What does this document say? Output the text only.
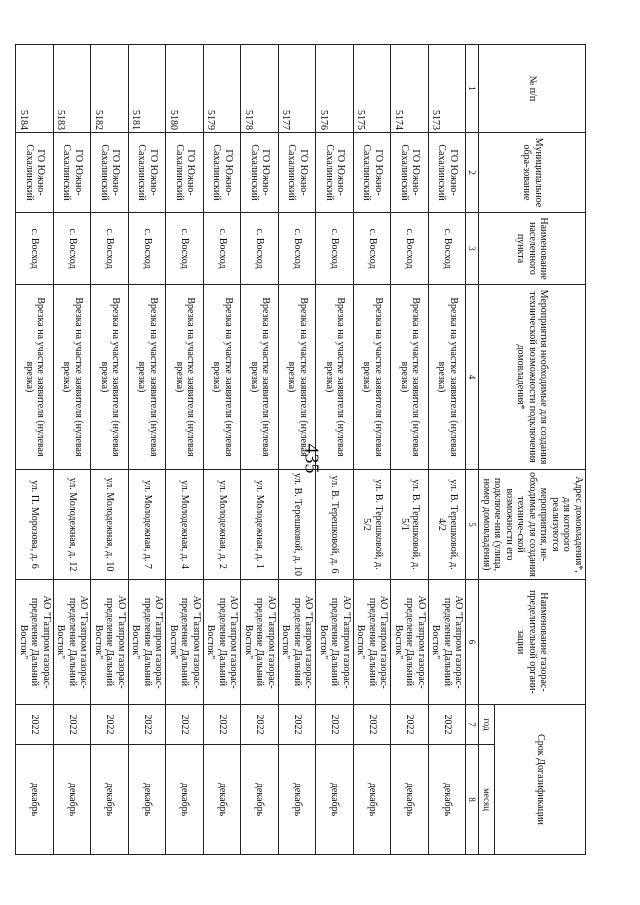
435
№ п/п	Муниципальное обра-зование	Наименование населенного пункта	Мероприятия необходимые для создания технической возможности подключения домовладения*	Адрес домовладения*, для которого реализуются мероприятия, не-обходимые для создания техниче-ской возможности его подключе-ния (улица, номер домовладения)	Наименование газорас-пределительной органи-зации	Срок Догазификации	
						год	месяц
1	2	3	4	5	6	7	8
5173	ГО Южно-Сахалинский	с. Восход	Врезка на участке заявителя (нулевая врезка)	ул. В. Терешковой, д. 4/2	АО "Газпром газорас-пределение Дальний Восток"	2022	декабрь
5174	ГО Южно-Сахалинский	с. Восход	Врезка на участке заявителя (нулевая врезка)	ул. В. Терешковой, д. 5/1	АО "Газпром газорас-пределение Дальний Восток"	2022	декабрь
5175	ГО Южно-Сахалинский	с. Восход	Врезка на участке заявителя (нулевая врезка)	ул. В. Терешковой, д. 5/2	АО "Газпром газорас-пределение Дальний Восток"	2022	декабрь
5176	ГО Южно-Сахалинский	с. Восход	Врезка на участке заявителя (нулевая врезка)	ул. В. Терешковой, д. 6	АО "Газпром газорас-пределение Дальний Восток"	2022	декабрь
5177	ГО Южно-Сахалинский	с. Восход	Врезка на участке заявителя (нулевая врезка)	ул. В. Терешковой, д. 10	АО "Газпром газорас-пределение Дальний Восток"	2022	декабрь
5178	ГО Южно-Сахалинский	с. Восход	Врезка на участке заявителя (нулевая врезка)	ул. Молодежная, д. 1	АО "Газпром газорас-пределение Дальний Восток"	2022	декабрь
5179	ГО Южно-Сахалинский	с. Восход	Врезка на участке заявителя (нулевая врезка)	ул. Молодежная, д. 2	АО "Газпром газорас-пределение Дальний Восток"	2022	декабрь
5180	ГО Южно-Сахалинский	с. Восход	Врезка на участке заявителя (нулевая врезка)	ул. Молодежная, д. 4	АО "Газпром газорас-пределение Дальний Восток"	2022	декабрь
5181	ГО Южно-Сахалинский	с. Восход	Врезка на участке заявителя (нулевая врезка)	ул. Молодежная, д. 7	АО "Газпром газорас-пределение Дальний Восток"	2022	декабрь
5182	ГО Южно-Сахалинский	с. Восход	Врезка на участке заявителя (нулевая врезка)	ул. Молодежная, д. 10	АО "Газпром газорас-пределение Дальний Восток"	2022	декабрь
5183	ГО Южно-Сахалинский	с. Восход	Врезка на участке заявителя (нулевая врезка)	ул. Молодежная, д. 12	АО "Газпром газорас-пределение Дальний Восток"	2022	декабрь
5184	ГО Южно-Сахалинский	с. Восход	Врезка на участке заявителя (нулевая врезка)	ул. П. Морозова, д. 6	АО "Газпром газорас-пределение Дальний Восток"	2022	декабрь
